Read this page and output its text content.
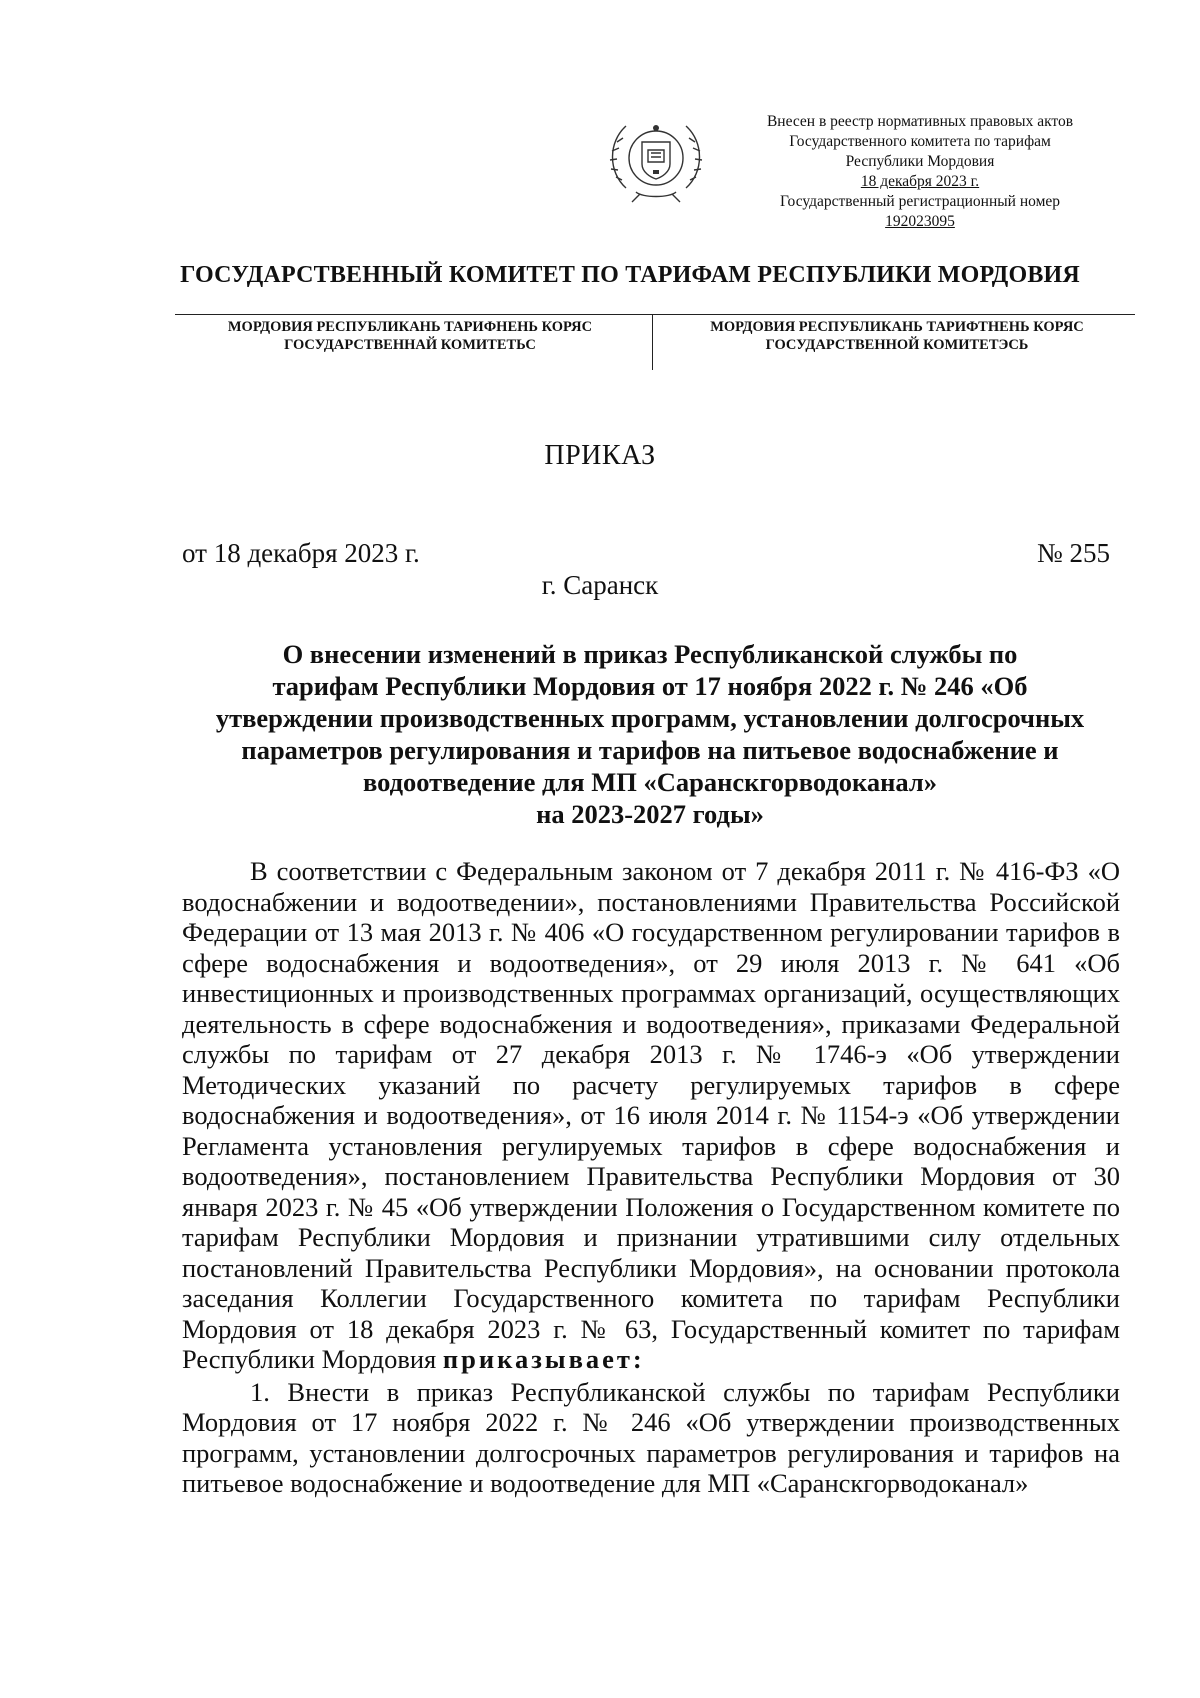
Внесен в реестр нормативных правовых актов
Государственного комитета по тарифам
Республики Мордовия
18 декабря 2023 г.
Государственный регистрационный номер
192023095
ГОСУДАРСТВЕННЫЙ КОМИТЕТ ПО ТАРИФАМ РЕСПУБЛИКИ МОРДОВИЯ
МОРДОВИЯ РЕСПУБЛИКАНЬ ТАРИФНЕНЬ КОРЯС
ГОСУДАРСТВЕННАЙ КОМИТЕТЬС
МОРДОВИЯ РЕСПУБЛИКАНЬ ТАРИФТНЕНЬ КОРЯС
ГОСУДАРСТВЕННОЙ КОМИТЕТЭСЬ
ПРИКАЗ
от 18 декабря 2023 г.	№ 255
г. Саранск
О внесении изменений в приказ Республиканской службы по
тарифам Республики Мордовия от 17 ноября 2022 г. № 246 «Об
утверждении производственных программ, установлении долгосрочных
параметров регулирования и тарифов на питьевое водоснабжение и
водоотведение для МП «Саранскгорводоканал»
на 2023-2027 годы»

В соответствии с Федеральным законом от 7 декабря 2011 г. № 416-ФЗ «О водоснабжении и водоотведении», постановлениями Правительства Российской Федерации от 13 мая 2013 г. № 406 «О государственном регулировании тарифов в сфере водоснабжения и водоотведения», от 29 июля 2013 г. № 641 «Об инвестиционных и производственных программах организаций, осуществляющих деятельность в сфере водоснабжения и водоотведения», приказами Федеральной службы по тарифам от 27 декабря 2013 г. № 1746-э «Об утверждении Методических указаний по расчету регулируемых тарифов в сфере водоснабжения и водоотведения», от 16 июля 2014 г. № 1154-э «Об утверждении Регламента установления регулируемых тарифов в сфере водоснабжения и водоотведения», постановлением Правительства Республики Мордовия от 30 января 2023 г. № 45 «Об утверждении Положения о Государственном комитете по тарифам Республики Мордовия и признании утратившими силу отдельных постановлений Правительства Республики Мордовия», на основании протокола заседания Коллегии Государственного комитета по тарифам Республики Мордовия от 18 декабря 2023 г. № 63, Государственный комитет по тарифам Республики Мордовия приказывает:

1. Внести в приказ Республиканской службы по тарифам Республики Мордовия от 17 ноября 2022 г. № 246 «Об утверждении производственных программ, установлении долгосрочных параметров регулирования и тарифов на питьевое водоснабжение и водоотведение для МП «Саранскгорводоканал»
